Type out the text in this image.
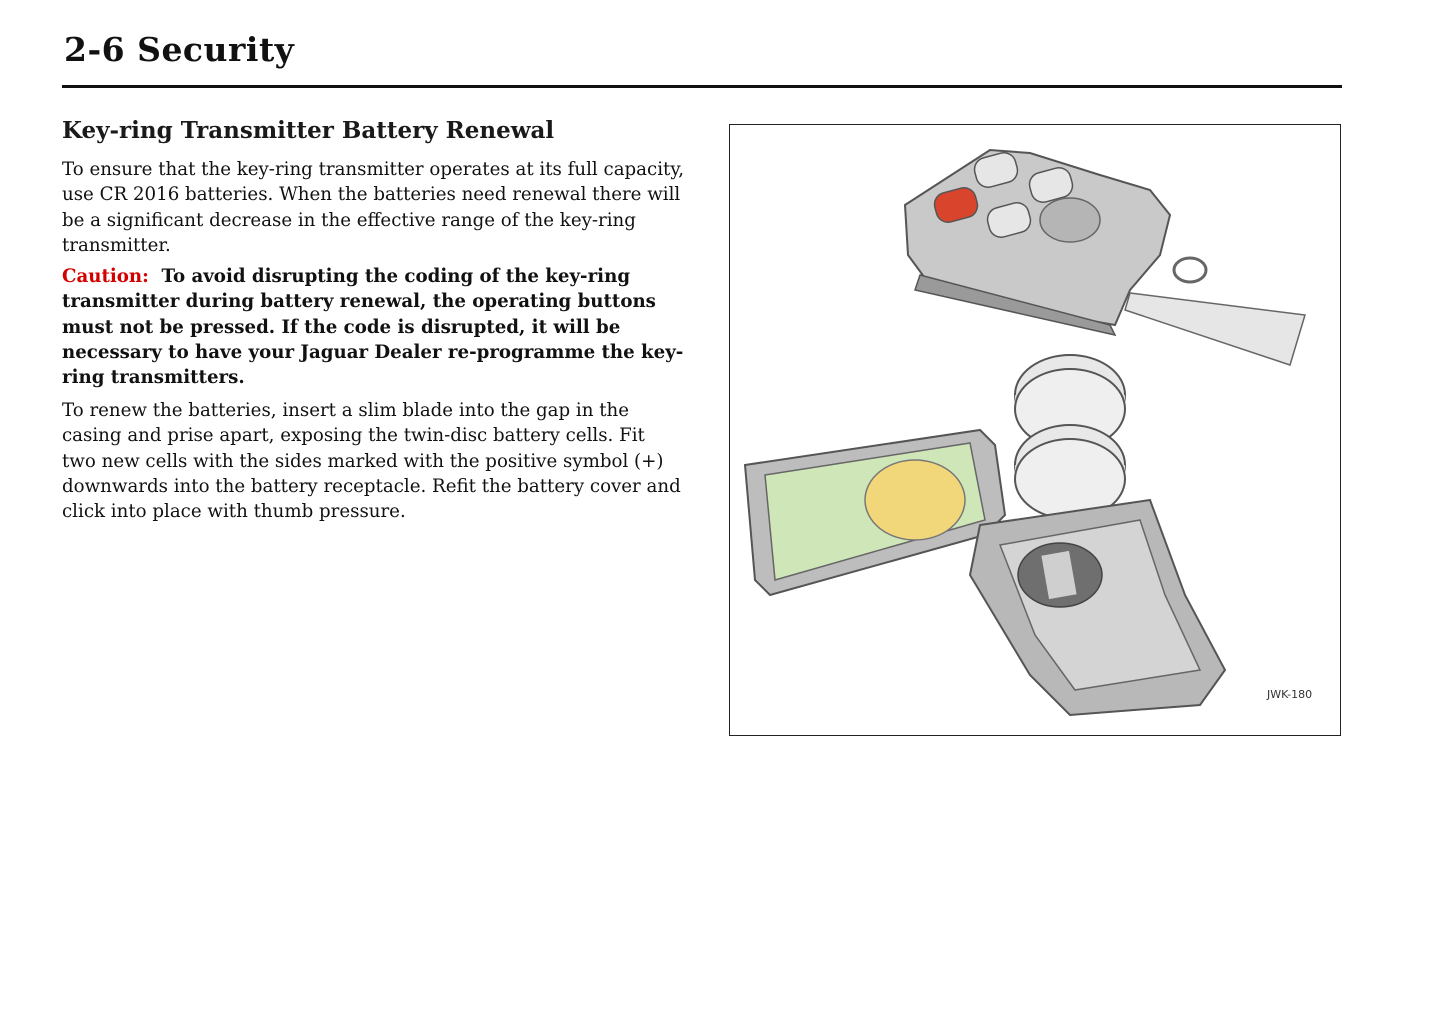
2-6 Security
Key-ring Transmitter Battery Renewal

To ensure that the key-ring transmitter operates at its full capacity, use CR 2016 batteries. When the batteries need renewal there will be a significant decrease in the effective range of the key-ring transmitter.

Caution: To avoid disrupting the coding of the key-ring transmitter during battery renewal, the operating buttons must not be pressed. If the code is disrupted, it will be necessary to have your Jaguar Dealer re-programme the key-ring transmitters.

To renew the batteries, insert a slim blade into the gap in the casing and prise apart, exposing the twin-disc battery cells. Fit two new cells with the sides marked with the positive symbol (+) downwards into the battery receptacle. Refit the battery cover and click into place with thumb pressure.

JWK-180
